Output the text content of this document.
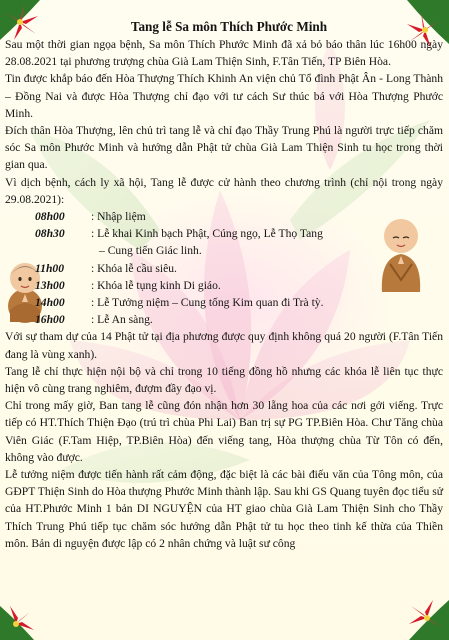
Tang lễ Sa môn Thích Phước Minh

Sau một thời gian ngọa bệnh, Sa môn Thích Phước Minh đã xả bỏ báo thân lúc 16h00 ngày 28.08.2021 tại phương trượng chùa Già Lam Thiện Sinh, F.Tân Tiến, TP Biên Hòa.

Tin được khắp báo đến Hòa Thượng Thích Khinh An viện chủ Tổ đình Phật Ân - Long Thành – Đồng Nai và được Hòa Thượng chỉ đạo với tư cách Sư thúc bá với Hòa Thượng Phước Minh.

Đích thân Hòa Thượng, lên chủ trì tang lễ và chỉ đạo Thầy Trung Phú là người trực tiếp chăm sóc Sa môn Phước Minh và hướng dẫn Phật tử chùa Già Lam Thiện Sinh tu học trong thời gian qua.

Vì dịch bệnh, cách ly xã hội, Tang lễ được cử hành theo chương trình (chỉ nội trong ngày 29.08.2021):

08h00	: Nhập liệm
08h30	: Lễ khai Kinh bạch Phật, Cúng ngọ, Lễ Thọ Tang
– Cung tiến Giác linh.
11h00	: Khóa lễ cầu siêu.
13h00	: Khóa lễ tụng kinh Di giáo.
14h00	: Lễ Tưởng niệm – Cung tống Kim quan đi Trà tỳ.
16h00	: Lễ An sàng.

Với sự tham dự của 14 Phật tử tại địa phương được quy định không quá 20 người (F.Tân Tiến đang là vùng xanh).

Tang lễ chỉ thực hiện nội bộ và chỉ trong 10 tiếng đồng hồ nhưng các khóa lễ liên tục thực hiện vô cùng trang nghiêm, đượm đầy đạo vị.

Chỉ trong mấy giờ, Ban tang lễ cũng đón nhận hơn 30 lẵng hoa của các nơi gởi viếng. Trực tiếp có HT.Thích Thiện Đạo (trú trì chùa Phi Lai) Ban trị sự PG TP.Biên Hòa. Chư Tăng chùa Viên Giác (F.Tam Hiệp, TP.Biên Hòa) đến viếng tang, Hòa thượng chùa Từ Tôn có đến, không vào được.

Lễ tưởng niệm được tiến hành rất cảm động, đặc biệt là các bài điếu văn của Tông môn, của GĐPT Thiện Sinh do Hòa thượng Phước Minh thành lập. Sau khi GS Quang tuyên đọc tiểu sử của HT.Phước Minh 1 bản DI NGUYỆN của HT giao chùa Già Lam Thiện Sinh cho Thầy Thích Trung Phú tiếp tục chăm sóc hướng dẫn Phật tử tu học theo tinh kế thừa của Thiền môn. Bản di nguyện được lập có 2 nhân chứng và luật sư công
